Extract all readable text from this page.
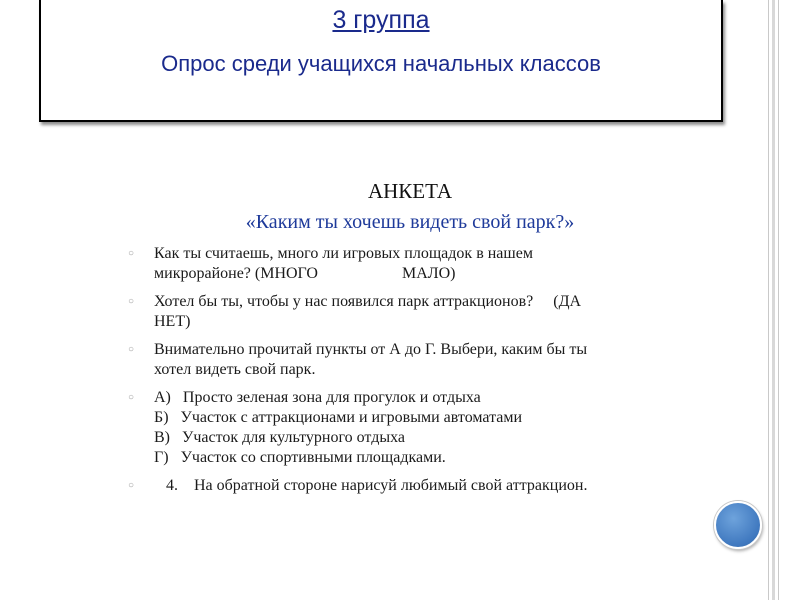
3 группа
Опрос среди учащихся начальных классов
АНКЕТА
«Каким ты хочешь видеть свой парк?»
○ Как ты считаешь, много ли игровых площадок в нашем
микрорайоне? (МНОГО                     МАЛО)
○ Хотел бы ты, чтобы у нас появился парк аттракционов?     (ДА
НЕТ)
○ Внимательно прочитай пункты от А до Г. Выбери, каким бы ты
хотел видеть свой парк.
○ А)   Просто зеленая зона для прогулок и отдыха
Б)   Участок с аттракционами и игровыми автоматами
В)   Участок для культурного отдыха
Г)   Участок со спортивными площадками.
○ 4.    На обратной стороне нарисуй любимый свой аттракцион.
